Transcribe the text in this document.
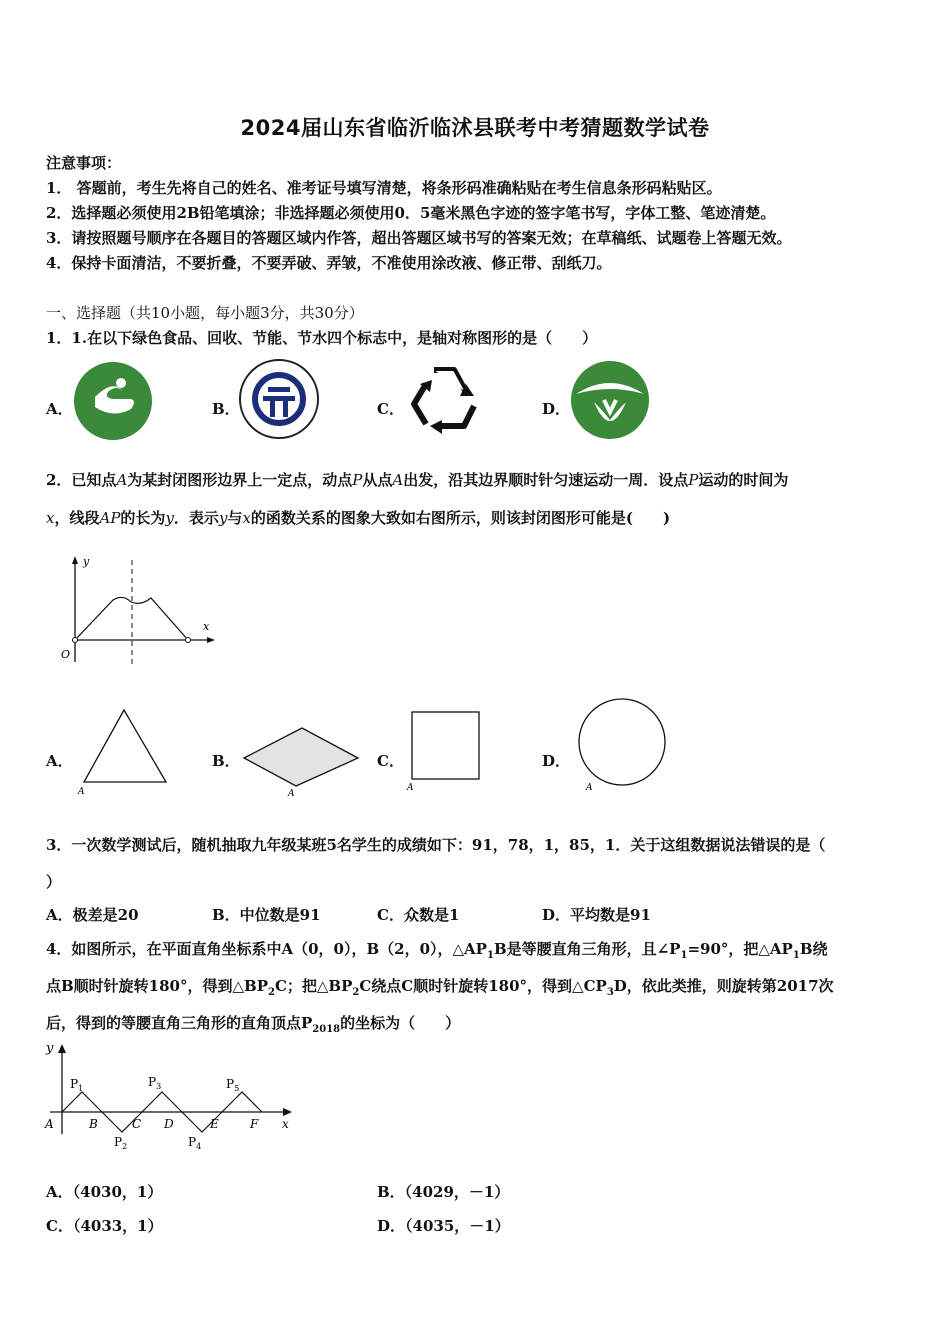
2024届山东省临沂临沭县联考中考猜题数学试卷
注意事项：
1． 答题前，考生先将自己的姓名、准考证号填写清楚，将条形码准确粘贴在考生信息条形码粘贴区。
2．选择题必须使用2B铅笔填涂；非选择题必须使用0．5毫米黑色字迹的签字笔书写，字体工整、笔迹清楚。
3．请按照题号顺序在各题目的答题区域内作答，超出答题区域书写的答案无效；在草稿纸、试题卷上答题无效。
4．保持卡面清洁，不要折叠，不要弄破、弄皱，不准使用涂改液、修正带、刮纸刀。
一、选择题（共10小题，每小题3分，共30分）
1．1.在以下绿色食品、回收、节能、节水四个标志中，是轴对称图形的是（　　）
A．	B．	C．	D．
2．已知点A为某封闭图形边界上一定点，动点P从点A出发，沿其边界顺时针匀速运动一周．设点P运动的时间为
x，线段AP的长为y．表示y与x的函数关系的图象大致如右图所示，则该封闭图形可能是(　　)
y
x
O
A．
A
B．
A
C．
A
D．
A
3．一次数学测试后，随机抽取九年级某班5名学生的成绩如下：91，78，1，85，1．关于这组数据说法错误的是（
）
A．极差是20	B．中位数是91	C．众数是1	D．平均数是91
4．如图所示，在平面直角坐标系中A（0，0），B（2，0），$\triangle AP_1B$是等腰直角三角形，且$\angle P_1=90^\circ$，把$\triangle AP_1B$绕
点B顺时针旋转180°，得到$\triangle BP_2C$；把$\triangle BP_2C$绕点C顺时针旋转180°，得到$\triangle CP_3D$，依此类推，则旋转第2017次
后，得到的等腰直角三角形的直角顶点$P_{2018}$的坐标为（　　）
y
x
A	B	C D	E	F
$P_1$
$P_2$
$P_3$
$P_4$
$P_5$
A．（4030，1）	B．（4029，－1）
C．（4033，1）	D．（4035，－1）
